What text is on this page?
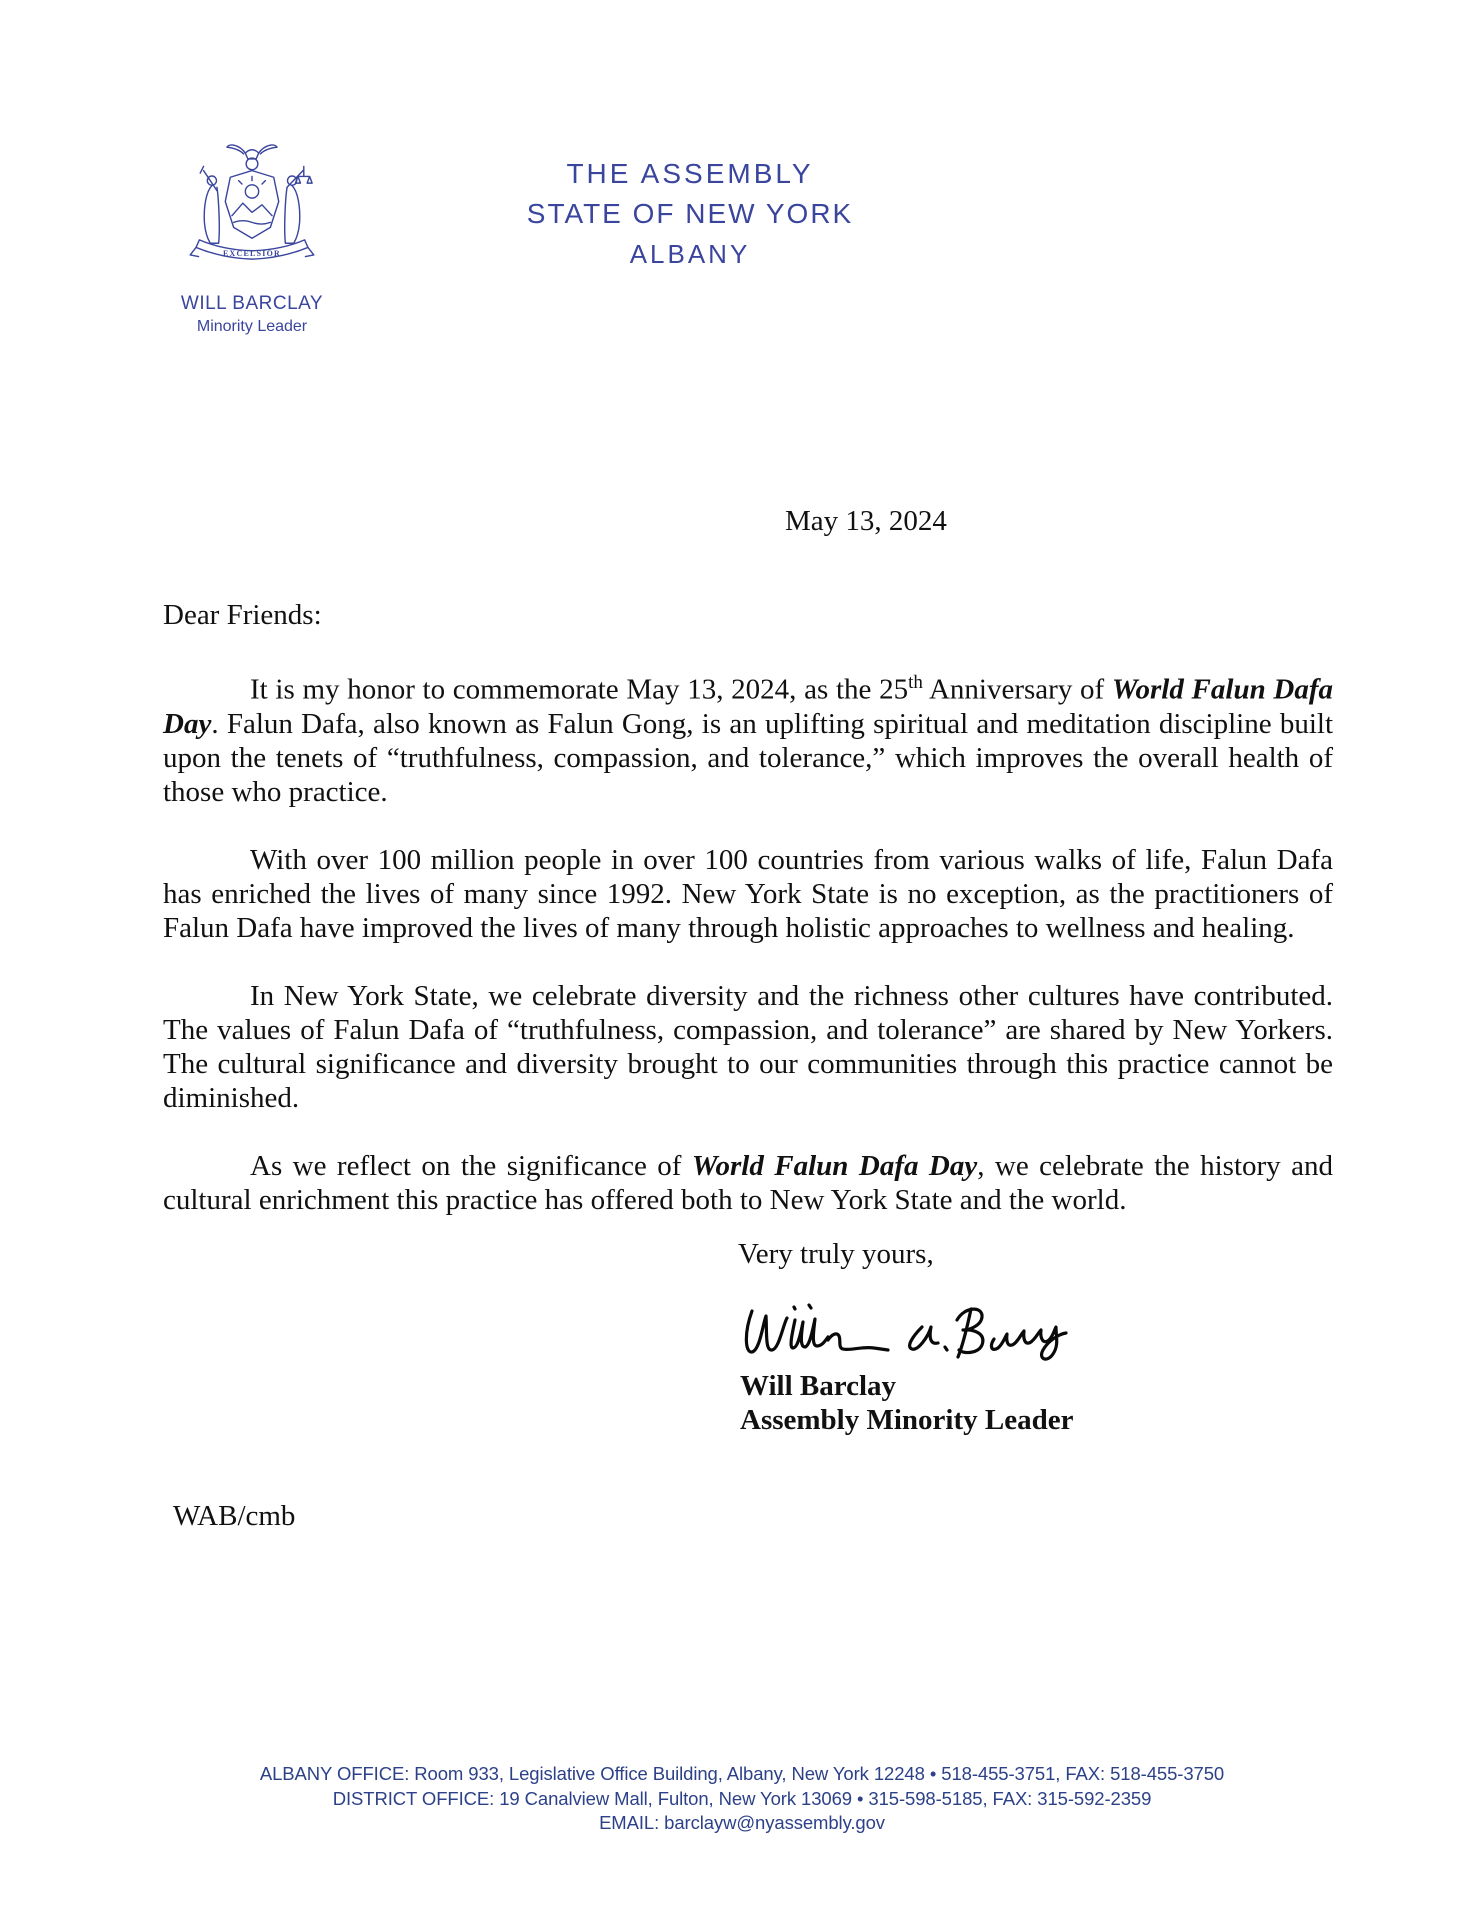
EXCELSIOR
WILL BARCLAY
Minority Leader
THE ASSEMBLY
STATE OF NEW YORK
ALBANY
May 13, 2024

Dear Friends:

It is my honor to commemorate May 13, 2024, as the 25th Anniversary of World Falun Dafa Day. Falun Dafa, also known as Falun Gong, is an uplifting spiritual and meditation discipline built upon the tenets of “truthfulness, compassion, and tolerance,” which improves the overall health of those who practice.

With over 100 million people in over 100 countries from various walks of life, Falun Dafa has enriched the lives of many since 1992. New York State is no exception, as the practitioners of Falun Dafa have improved the lives of many through holistic approaches to wellness and healing.

In New York State, we celebrate diversity and the richness other cultures have contributed. The values of Falun Dafa of “truthfulness, compassion, and tolerance” are shared by New Yorkers. The cultural significance and diversity brought to our communities through this practice cannot be diminished.

As we reflect on the significance of World Falun Dafa Day, we celebrate the history and cultural enrichment this practice has offered both to New York State and the world.

Very truly yours,
Will Barclay
Assembly Minority Leader
WAB/cmb
ALBANY OFFICE: Room 933, Legislative Office Building, Albany, New York 12248 • 518-455-3751, FAX: 518-455-3750
DISTRICT OFFICE: 19 Canalview Mall, Fulton, New York 13069 • 315-598-5185, FAX: 315-592-2359
EMAIL: barclayw@nyassembly.gov
